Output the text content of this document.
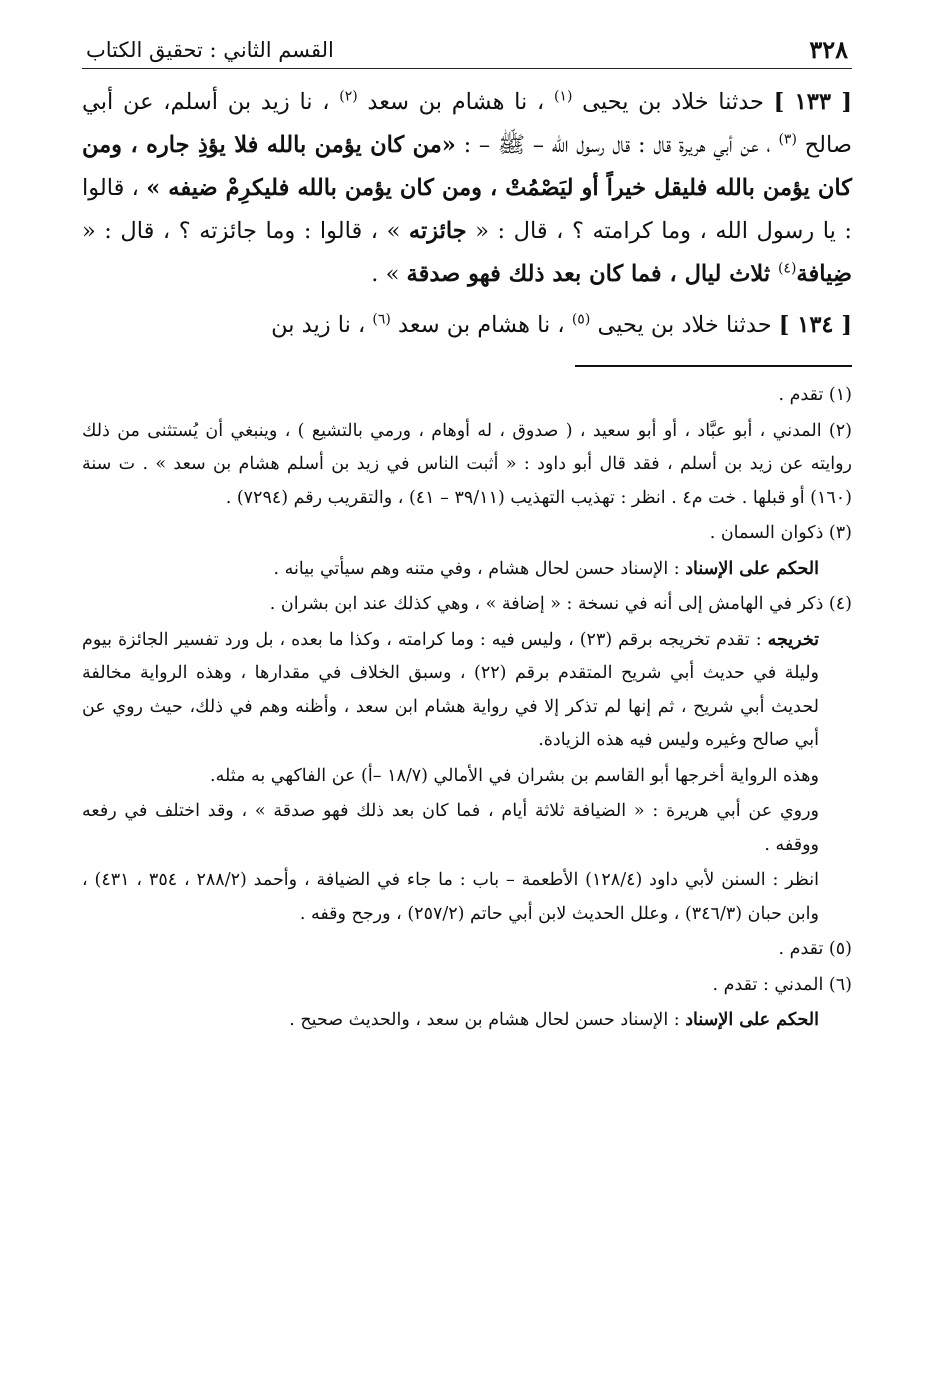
٣٢٨
القسم الثاني : تحقيق الكتاب

[ ١٣٣ ] حدثنا خلاد بن يحيى $^{(١)}$ ، نا هشام بن سعد $^{(٢)}$ ، نا زيد بن أسلم، عن أبي صالح $^{(٣)}$ ، عن أبي هريرة قال : قال رسول الله – ﷺ – : «من كان يؤمن بالله فلا يؤذِ جاره ، ومن كان يؤمن بالله فليقل خيراً أو ليَصْمُتْ ، ومن كان يؤمن بالله فليكرِمْ ضيفه » ، قالوا : يا رسول الله ، وما كرامته ؟ ، قال : « جائزته » ، قالوا : وما جائزته ؟ ، قال : « ضِيافة$^{(٤)}$ ثلاث ليال ، فما كان بعد ذلك فهو صدقة » .

[ ١٣٤ ] حدثنا خلاد بن يحيى $^{(٥)}$ ، نا هشام بن سعد $^{(٦)}$ ، نا زيد بن

(١) تقدم .

(٢) المدني ، أبو عبَّاد ، أو أبو سعيد ، ( صدوق ، له أوهام ، ورمي بالتشيع ) ، وينبغي أن يُستثنى من ذلك روايته عن زيد بن أسلم ، فقد قال أبو داود : « أثبت الناس في زيد بن أسلم هشام بن سعد » . ت سنة (١٦٠) أو قبلها . خت م٤ . انظر : تهذيب التهذيب (٣٩/١١ – ٤١) ، والتقريب رقم (٧٢٩٤) .

(٣) ذكوان السمان .

الحكم على الإسناد : الإسناد حسن لحال هشام ، وفي متنه وهم سيأتي بيانه .

(٤) ذكر في الهامش إلى أنه في نسخة : « إضافة » ، وهي كذلك عند ابن بشران .

تخريجه : تقدم تخريجه برقم (٢٣) ، وليس فيه : وما كرامته ، وكذا ما بعده ، بل ورد تفسير الجائزة بيوم وليلة في حديث أبي شريح المتقدم برقم (٢٢) ، وسبق الخلاف في مقدارها ، وهذه الرواية مخالفة لحديث أبي شريح ، ثم إنها لم تذكر إلا في رواية هشام ابن سعد ، وأظنه وهم في ذلك، حيث روي عن أبي صالح وغيره وليس فيه هذه الزيادة.

وهذه الرواية أخرجها أبو القاسم بن بشران في الأمالي (١٨/٧ –أ) عن الفاكهي به مثله.

وروي عن أبي هريرة : « الضيافة ثلاثة أيام ، فما كان بعد ذلك فهو صدقة » ، وقد اختلف في رفعه ووقفه .

انظر : السنن لأبي داود (١٢٨/٤) الأطعمة – باب : ما جاء في الضيافة ، وأحمد (٢٨٨/٢ ، ٣٥٤ ، ٤٣١) ، وابن حبان (٣٤٦/٣) ، وعلل الحديث لابن أبي حاتم (٢٥٧/٢) ، ورجح وقفه .

(٥) تقدم .

(٦) المدني : تقدم .

الحكم على الإسناد : الإسناد حسن لحال هشام بن سعد ، والحديث صحيح .
